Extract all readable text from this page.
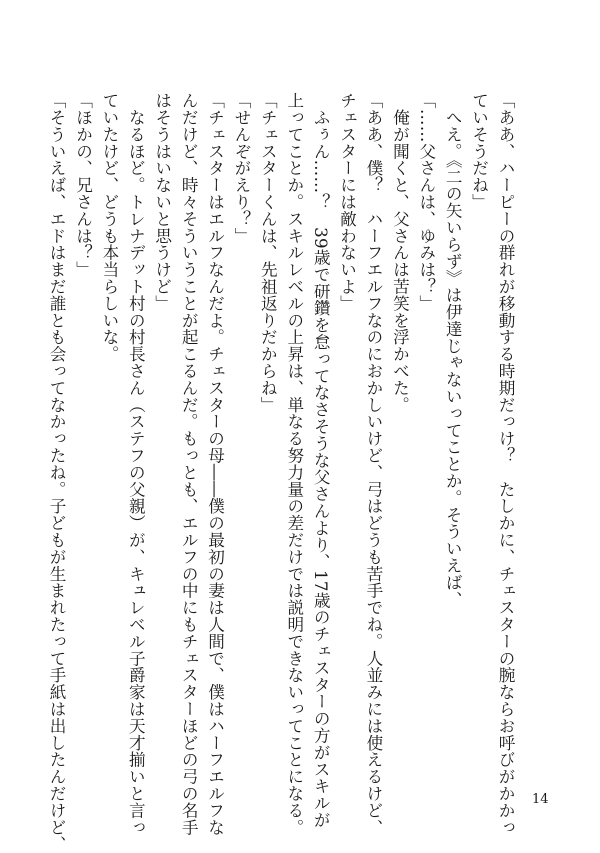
「ああ、ハーピーの群れが移動する時期だっけ？　たしかに、チェスターの腕ならお呼びがかかっ
ていそうだね」
　へえ。《二の矢いらず》は伊達じゃないってことか。そういえば、
「……父さんは、ゆみは？」
　俺が聞くと、父さんは苦笑を浮かべた。
「ああ、僕？　ハーフエルフなのにおかしいけど、弓はどうも苦手でね。人並みには使えるけど、
チェスターには敵わないよ」
　ふぅん……？　39歳で研鑽を怠ってなさそうな父さんより、17歳のチェスターの方がスキルが
上ってことか。スキルレベルの上昇は、単なる努力量の差だけでは説明できないってことになる。
「チェスターくんは、先祖返りだからね」
「せんぞがえり？」
「チェスターはエルフなんだよ。チェスターの母――僕の最初の妻は人間で、僕はハーフエルフな
んだけど、時々そういうことが起こるんだ。もっとも、エルフの中にもチェスターほどの弓の名手
はそうはいないと思うけど」
　なるほど。トレナデット村の村長さん（ステフの父親）が、キュレベル子爵家は天才揃いと言っ
ていたけど、どうも本当らしいな。
「ほかの、兄さんは？」
「そういえば、エドはまだ誰とも会ってなかったね。子どもが生まれたって手紙は出したんだけど、	14
